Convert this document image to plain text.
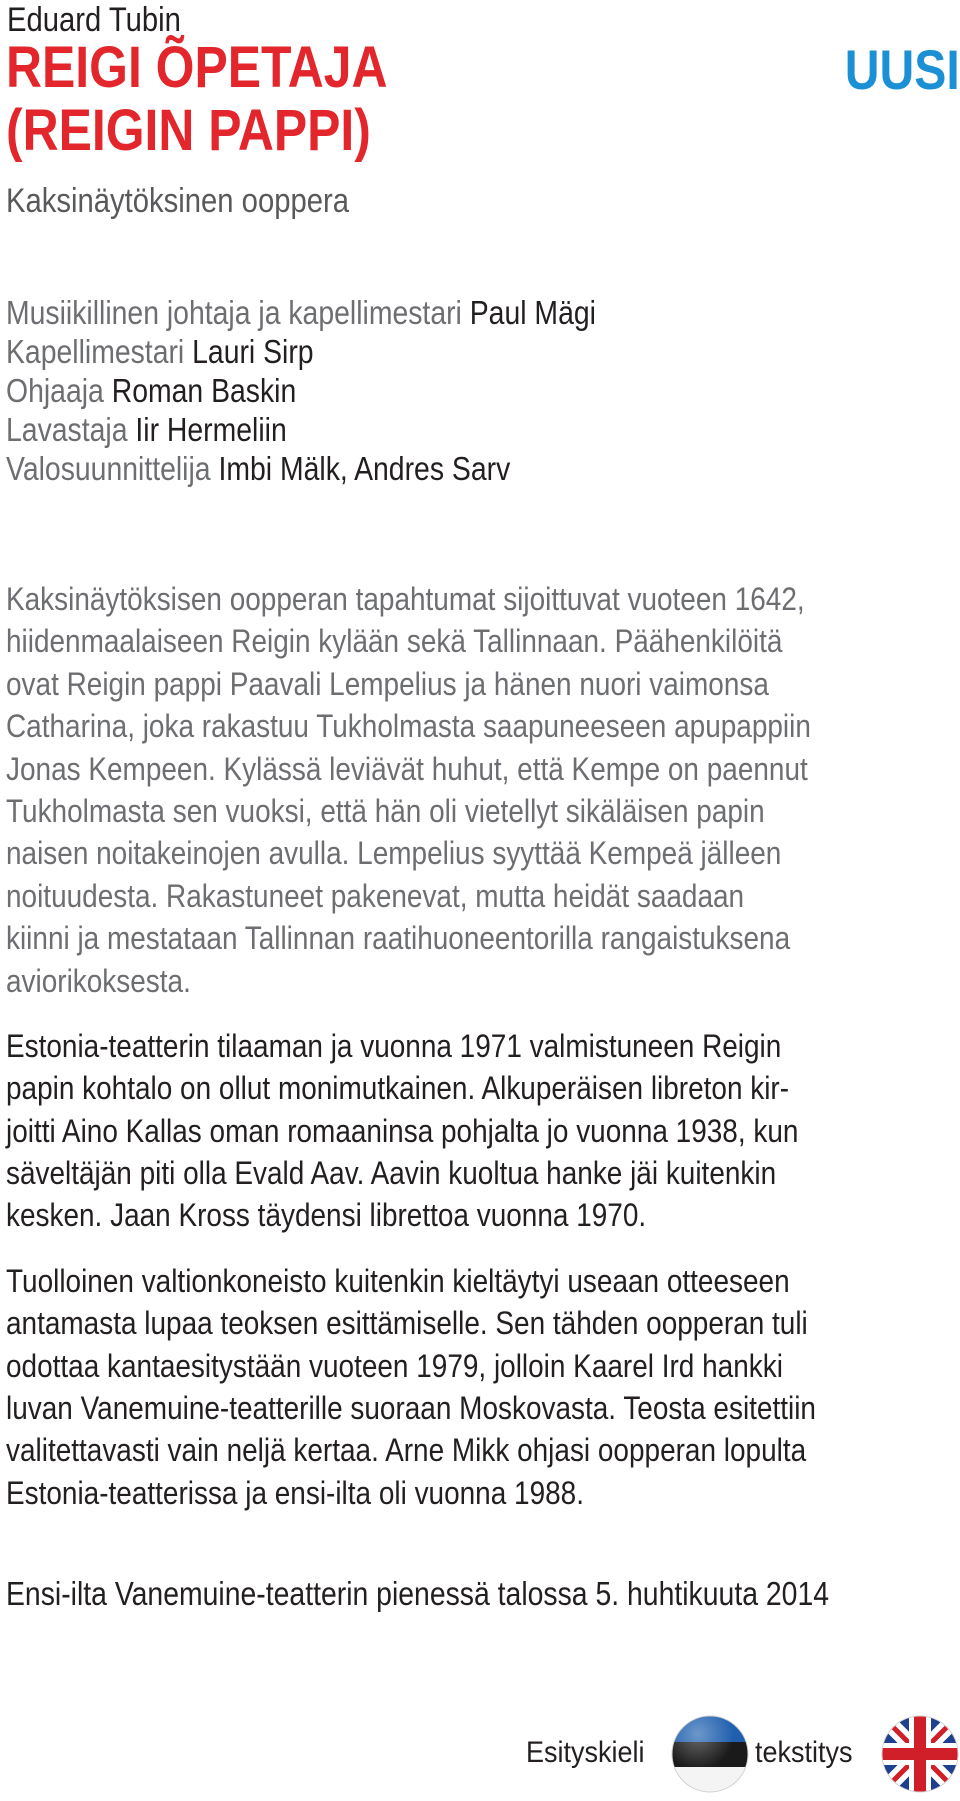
Eduard Tubin
REIGI ÕPETAJA
(REIGIN PAPPI)
UUSI
Kaksinäytöksinen ooppera
Musiikillinen johtaja ja kapellimestari Paul Mägi
Kapellimestari Lauri Sirp
Ohjaaja Roman Baskin
Lavastaja Iir Hermeliin
Valosuunnittelija Imbi Mälk, Andres Sarv

Kaksinäytöksisen oopperan tapahtumat sijoittuvat vuoteen 1642,
hiidenmaalaiseen Reigin kylään sekä Tallinnaan. Päähenkilöitä
ovat Reigin pappi Paavali Lempelius ja hänen nuori vaimonsa
Catharina, joka rakastuu Tukholmasta saapuneeseen apupappiin
Jonas Kempeen. Kylässä leviävät huhut, että Kempe on paennut
Tukholmasta sen vuoksi, että hän oli vietellyt sikäläisen papin
naisen noitakeinojen avulla. Lempelius syyttää Kempeä jälleen
noituudesta. Rakastuneet pakenevat, mutta heidät saadaan
kiinni ja mestataan Tallinnan raatihuoneentorilla rangaistuksena
aviorikoksesta.

Estonia-teatterin tilaaman ja vuonna 1971 valmistuneen Reigin
papin kohtalo on ollut monimutkainen. Alkuperäisen libreton kir-
joitti Aino Kallas oman romaaninsa pohjalta jo vuonna 1938, kun
säveltäjän piti olla Evald Aav. Aavin kuoltua hanke jäi kuitenkin
kesken. Jaan Kross täydensi librettoa vuonna 1970.

Tuolloinen valtionkoneisto kuitenkin kieltäytyi useaan otteeseen
antamasta lupaa teoksen esittämiselle. Sen tähden oopperan tuli
odottaa kantaesitystään vuoteen 1979, jolloin Kaarel Ird hankki
luvan Vanemuine-teatterille suoraan Moskovasta. Teosta esitettiin
valitettavasti vain neljä kertaa. Arne Mikk ohjasi oopperan lopulta
Estonia-teatterissa ja ensi-ilta oli vuonna 1988.

Ensi-ilta Vanemuine-teatterin pienessä talossa 5. huhtikuuta 2014
Esityskieli	tekstitys
